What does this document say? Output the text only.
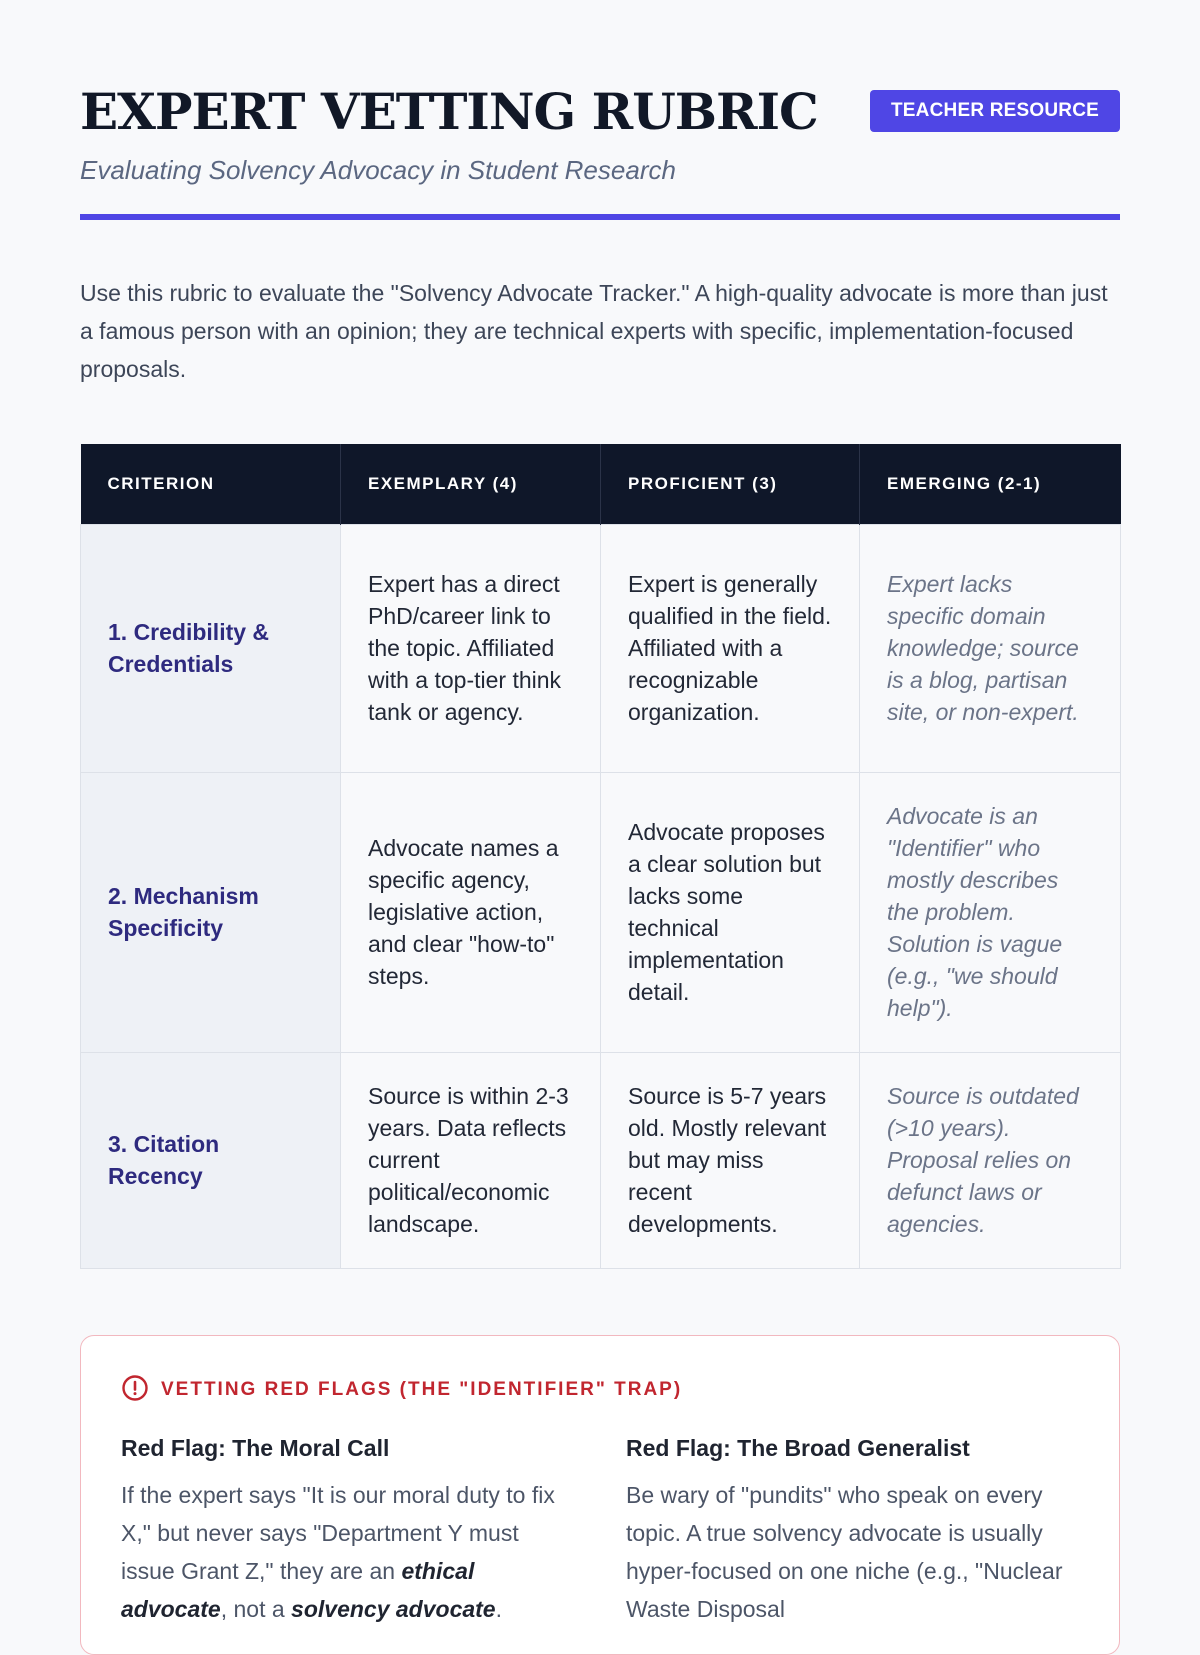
EXPERT VETTING RUBRIC
Evaluating Solvency Advocacy in Student Research
TEACHER RESOURCE

Use this rubric to evaluate the "Solvency Advocate Tracker." A high-quality advocate is more than just a famous person with an opinion; they are technical experts with specific, implementation-focused proposals.

CRITERION	EXEMPLARY (4)	PROFICIENT (3)	EMERGING (2-1)
1. Credibility & Credentials	Expert has a direct PhD/career link to the topic. Affiliated with a top-tier think tank or agency.	Expert is generally qualified in the field. Affiliated with a recognizable organization.	Expert lacks specific domain knowledge; source is a blog, partisan site, or non-expert.
2. Mechanism Specificity	Advocate names a specific agency, legislative action, and clear "how-to" steps.	Advocate proposes a clear solution but lacks some technical implementation detail.	Advocate is an "Identifier" who mostly describes the problem. Solution is vague (e.g., "we should help").
3. Citation Recency	Source is within 2-3 years. Data reflects current political/economic landscape.	Source is 5-7 years old. Mostly relevant but may miss recent developments.	Source is outdated (>10 years). Proposal relies on defunct laws or agencies.
VETTING RED FLAGS (THE "IDENTIFIER" TRAP)
Red Flag: The Moral Call

If the expert says "It is our moral duty to fix X," but never says "Department Y must issue Grant Z," they are an ethical advocate, not a solvency advocate.

Red Flag: The Broad Generalist

Be wary of "pundits" who speak on every topic. A true solvency advocate is usually hyper-focused on one niche (e.g., "Nuclear Waste Disposal
